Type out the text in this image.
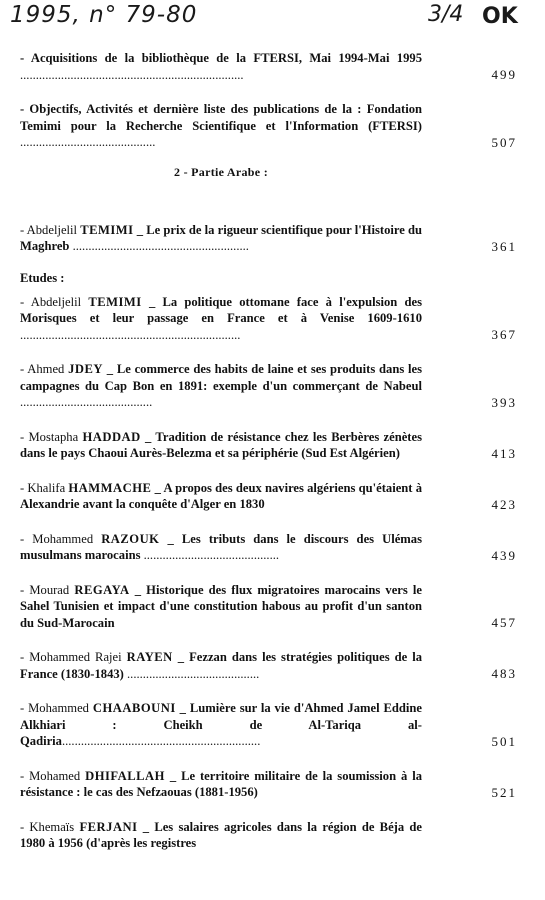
1995, n° 79-80	3/4 OK
- Acquisitions de la bibliothèque de la FTERSI, Mai 1994-Mai 1995 .......................................................................	499
- Objectifs, Activités et dernière liste des publications de la : Fondation Temimi pour la Recherche Scientifique et l'Information (FTERSI) ...........................................	507
2 - Partie Arabe :
- Abdeljelil TEMIMI _ Le prix de la rigueur scientifique pour l'Histoire du Maghreb ........................................................	361
Etudes :
- Abdeljelil TEMIMI _ La politique ottomane face à l'expulsion des Morisques et leur passage en France et à Venise 1609-1610 ......................................................................	367
- Ahmed JDEY _ Le commerce des habits de laine et ses produits dans les campagnes du Cap Bon en 1891: exemple d'un commerçant de Nabeul ..........................................	393
- Mostapha HADDAD _ Tradition de résistance chez les Berbères zénètes dans le pays Chaoui Aurès-Belezma et sa périphérie (Sud Est Algérien)	413
- Khalifa HAMMACHE _ A propos des deux navires algériens qu'étaient à Alexandrie avant la conquête d'Alger en 1830	423
- Mohammed RAZOUK _ Les tributs dans le discours des Ulémas musulmans marocains ...........................................	439
- Mourad REGAYA _ Historique des flux migratoires marocains vers le Sahel Tunisien et impact d'une constitution habous au profit d'un santon du Sud-Marocain	457
- Mohammed Rajei RAYEN _ Fezzan dans les stratégies politiques de la France (1830-1843) ..........................................	483
- Mohammed CHAABOUNI _ Lumière sur la vie d'Ahmed Jamel Eddine Alkhiari : Cheikh de Al-Tariqa al-Qadiria...............................................................	501
- Mohamed DHIFALLAH _ Le territoire militaire de la soumission à la résistance : le cas des Nefzaouas (1881-1956)	521
- Khemaïs FERJANI _ Les salaires agricoles dans la région de Béja de 1980 à 1956 (d'après les registres
